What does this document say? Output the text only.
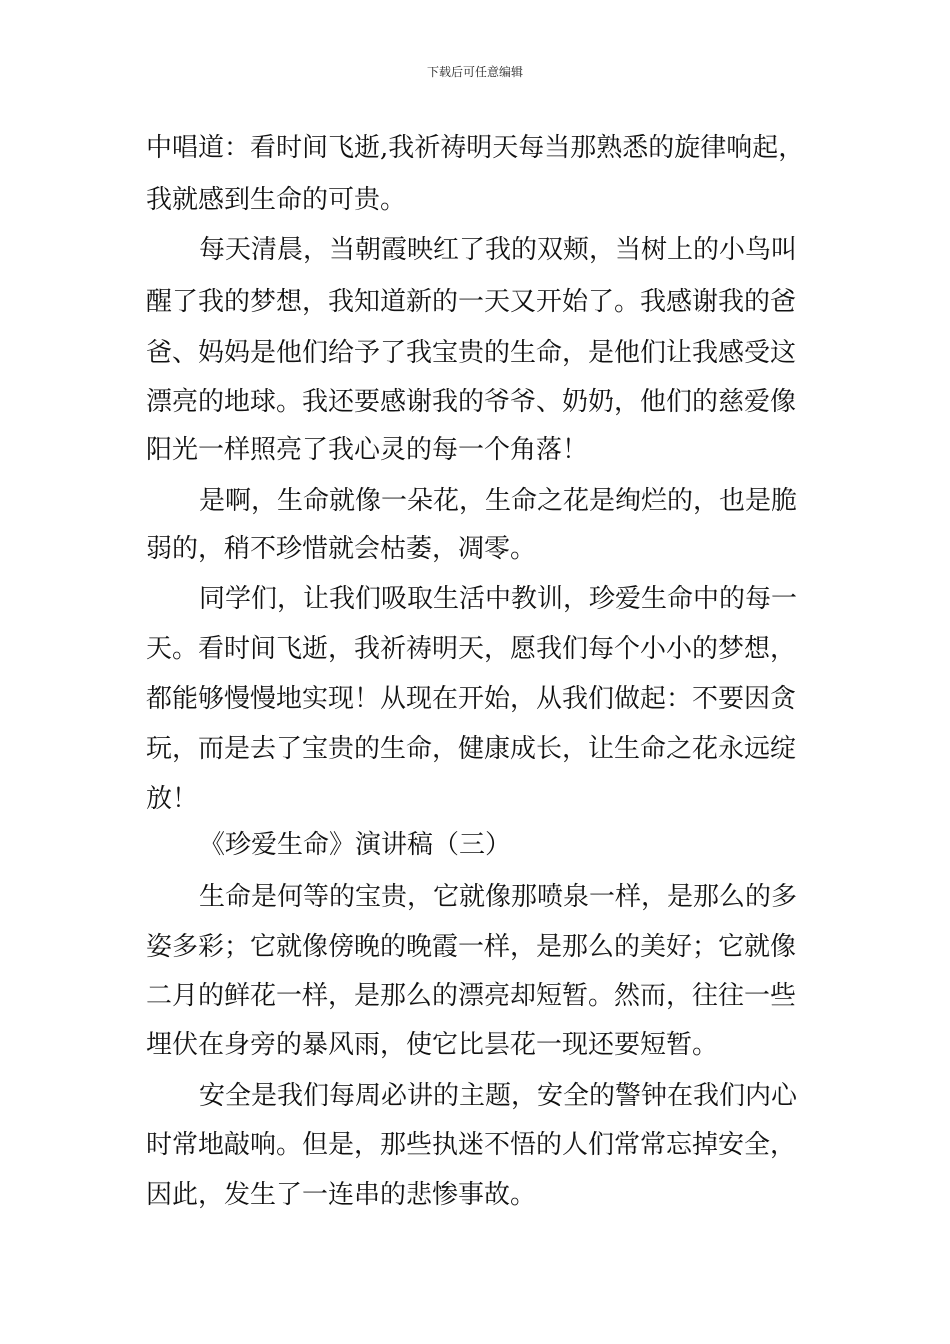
下载后可任意编辑
中唱道：看时间飞逝,我祈祷明天每当那熟悉的旋律响起，
我就感到生命的可贵。
每天清晨，当朝霞映红了我的双颊，当树上的小鸟叫
醒了我的梦想，我知道新的一天又开始了。我感谢我的爸
爸、妈妈是他们给予了我宝贵的生命，是他们让我感受这
漂亮的地球。我还要感谢我的爷爷、奶奶，他们的慈爱像
阳光一样照亮了我心灵的每一个角落！
是啊，生命就像一朵花，生命之花是绚烂的，也是脆
弱的，稍不珍惜就会枯萎，凋零。
同学们，让我们吸取生活中教训，珍爱生命中的每一
天。看时间飞逝，我祈祷明天，愿我们每个小小的梦想，
都能够慢慢地实现！从现在开始，从我们做起：不要因贪
玩，而是去了宝贵的生命，健康成长，让生命之花永远绽
放！
《珍爱生命》演讲稿（三）
生命是何等的宝贵，它就像那喷泉一样，是那么的多
姿多彩；它就像傍晚的晚霞一样，是那么的美好；它就像
二月的鲜花一样，是那么的漂亮却短暂。然而，往往一些
埋伏在身旁的暴风雨，使它比昙花一现还要短暂。
安全是我们每周必讲的主题，安全的警钟在我们内心
时常地敲响。但是，那些执迷不悟的人们常常忘掉安全，
因此，发生了一连串的悲惨事故。
